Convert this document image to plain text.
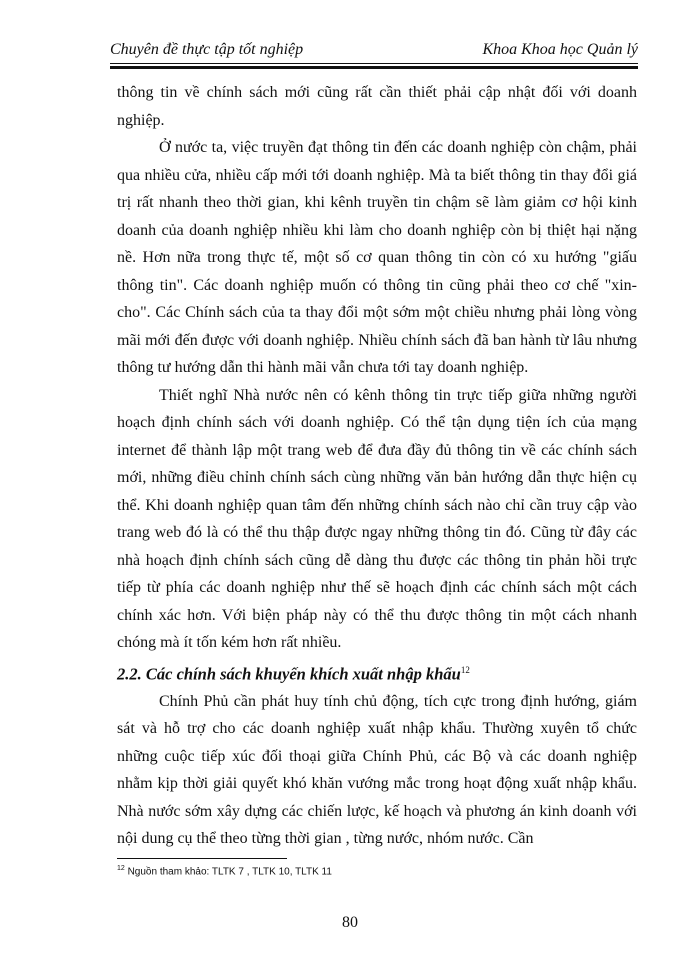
Chuyên đề thực tập tốt nghiệp	Khoa Khoa học Quản lý

thông tin về chính sách mới cũng rất cần thiết phải cập nhật đối với doanh nghiệp.

Ở nước ta, việc truyền đạt thông tin đến các doanh nghiệp còn chậm, phải qua nhiều cửa, nhiều cấp mới tới doanh nghiệp. Mà ta biết thông tin thay đổi giá trị rất nhanh theo thời gian, khi kênh truyền tin chậm sẽ làm giảm cơ hội kinh doanh của doanh nghiệp nhiều khi làm cho doanh nghiệp còn bị thiệt hại nặng nề. Hơn nữa trong thực tế, một số cơ quan thông tin còn có xu hướng "giấu thông tin". Các doanh nghiệp muốn có thông tin cũng phải theo cơ chế "xin- cho". Các Chính sách của ta thay đổi một sớm một chiều nhưng phải lòng vòng mãi mới đến được với doanh nghiệp. Nhiều chính sách đã ban hành từ lâu nhưng thông tư hướng dẫn thi hành mãi vẫn chưa tới tay doanh nghiệp.

Thiết nghĩ Nhà nước nên có kênh thông tin trực tiếp giữa những người hoạch định chính sách với doanh nghiệp. Có thể tận dụng tiện ích của mạng internet để thành lập một trang web để đưa đầy đủ thông tin về các chính sách mới, những điều chỉnh chính sách cùng những văn bản hướng dẫn thực hiện cụ thể. Khi doanh nghiệp quan tâm đến những chính sách nào chỉ cần truy cập vào trang web đó là có thể thu thập được ngay những thông tin đó. Cũng từ đây các nhà hoạch định chính sách cũng dễ dàng thu được các thông tin phản hồi trực tiếp từ phía các doanh nghiệp như thế sẽ hoạch định các chính sách một cách chính xác hơn. Với biện pháp này có thể thu được thông tin một cách nhanh chóng mà ít tốn kém hơn rất nhiều.

2.2. Các chính sách khuyến khích xuất nhập khẩu$^{12}$

Chính Phủ cần phát huy tính chủ động, tích cực trong định hướng, giám sát và hỗ trợ cho các doanh nghiệp xuất nhập khẩu. Thường xuyên tổ chức những cuộc tiếp xúc đối thoại giữa Chính Phủ, các Bộ và các doanh nghiệp nhằm kịp thời giải quyết khó khăn vướng mắc trong hoạt động xuất nhập khẩu. Nhà nước sớm xây dựng các chiến lược, kế hoạch và phương án kinh doanh với nội dung cụ thể theo từng thời gian , từng nước, nhóm nước. Cần

$^{12}$ Nguồn tham khảo: TLTK 7 , TLTK 10, TLTK 11
80
